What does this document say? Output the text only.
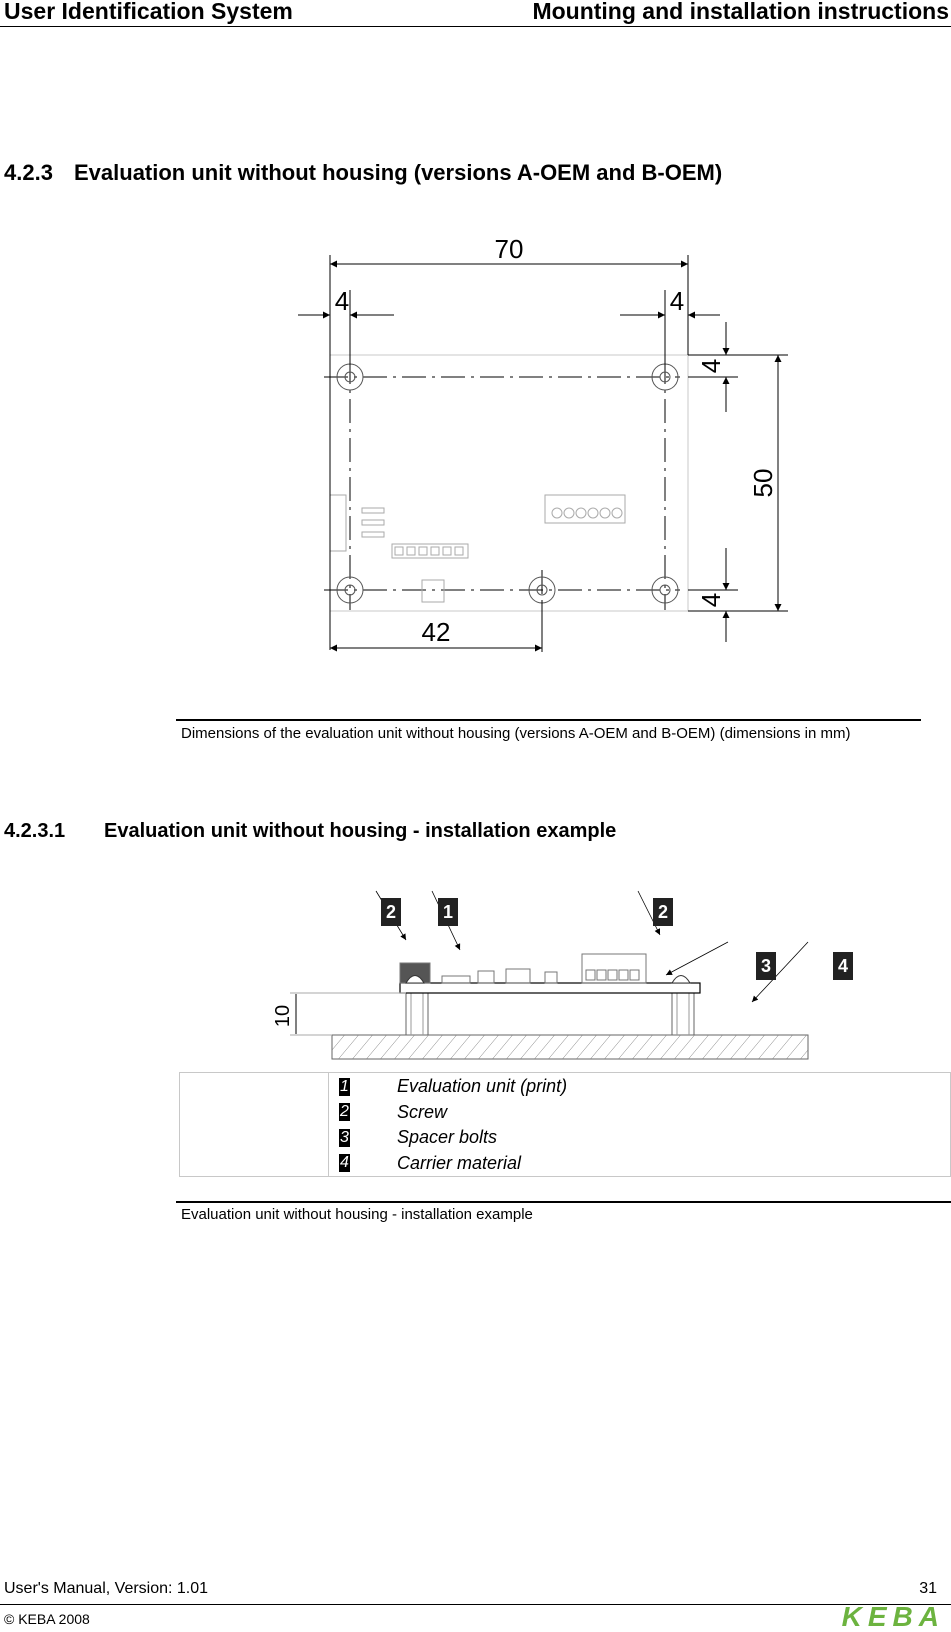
User Identification System	Mounting and installation instructions
4.2.3 Evaluation unit without housing (versions A-OEM and B-OEM)
70
4	4
4
50
4
42
Dimensions of the evaluation unit without housing (versions A-OEM and B-OEM) (dimensions in mm)
4.2.3.1 Evaluation unit without housing - installation example
10
2	1	2
3	4

1	Evaluation unit (print)
2	Screw
3	Spacer bolts
4	Carrier material
Evaluation unit without housing - installation example
User's Manual, Version: 1.01	31
© KEBA 2008	KEBA
